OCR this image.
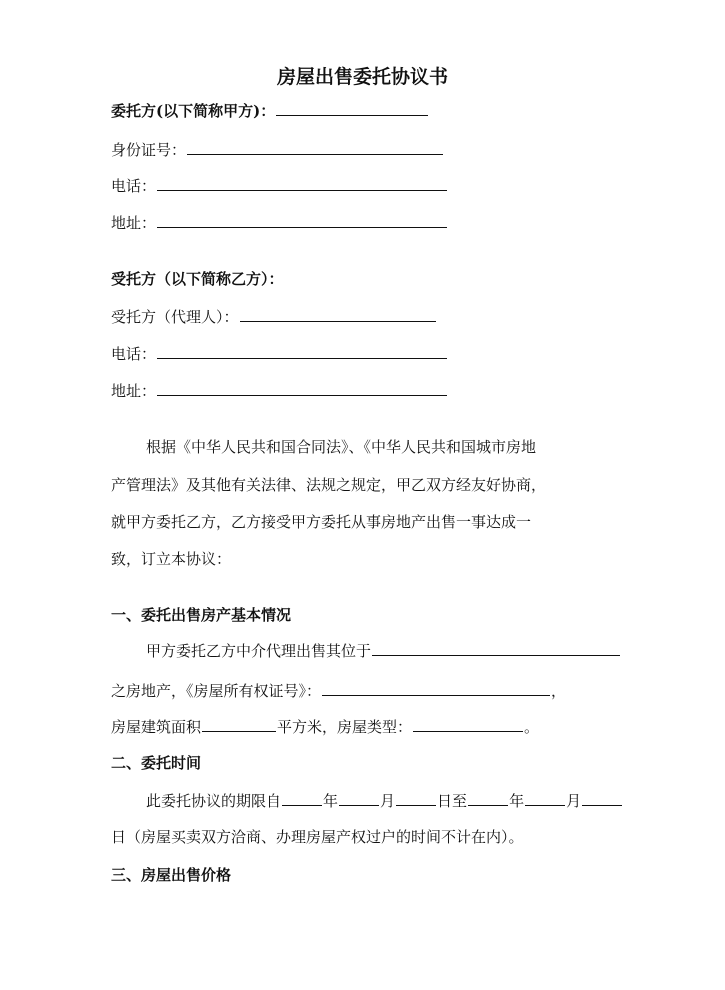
房屋出售委托协议书
委托方(以下简称甲方)：
身份证号：
电话：
地址：
受托方（以下简称乙方）：
受托方（代理人）：
电话：
地址：
根据《中华人民共和国合同法》、《中华人民共和国城市房地
产管理法》及其他有关法律、法规之规定，甲乙双方经友好协商，
就甲方委托乙方，乙方接受甲方委托从事房地产出售一事达成一
致，订立本协议：
一、委托出售房产基本情况
甲方委托乙方中介代理出售其位于
之房地产，《房屋所有权证号》：	，
房屋建筑面积	平方米，房屋类型：	。
二、委托时间
此委托协议的期限自	年	月	日至	年	月
日（房屋买卖双方洽商、办理房屋产权过户的时间不计在内）。
三、房屋出售价格
